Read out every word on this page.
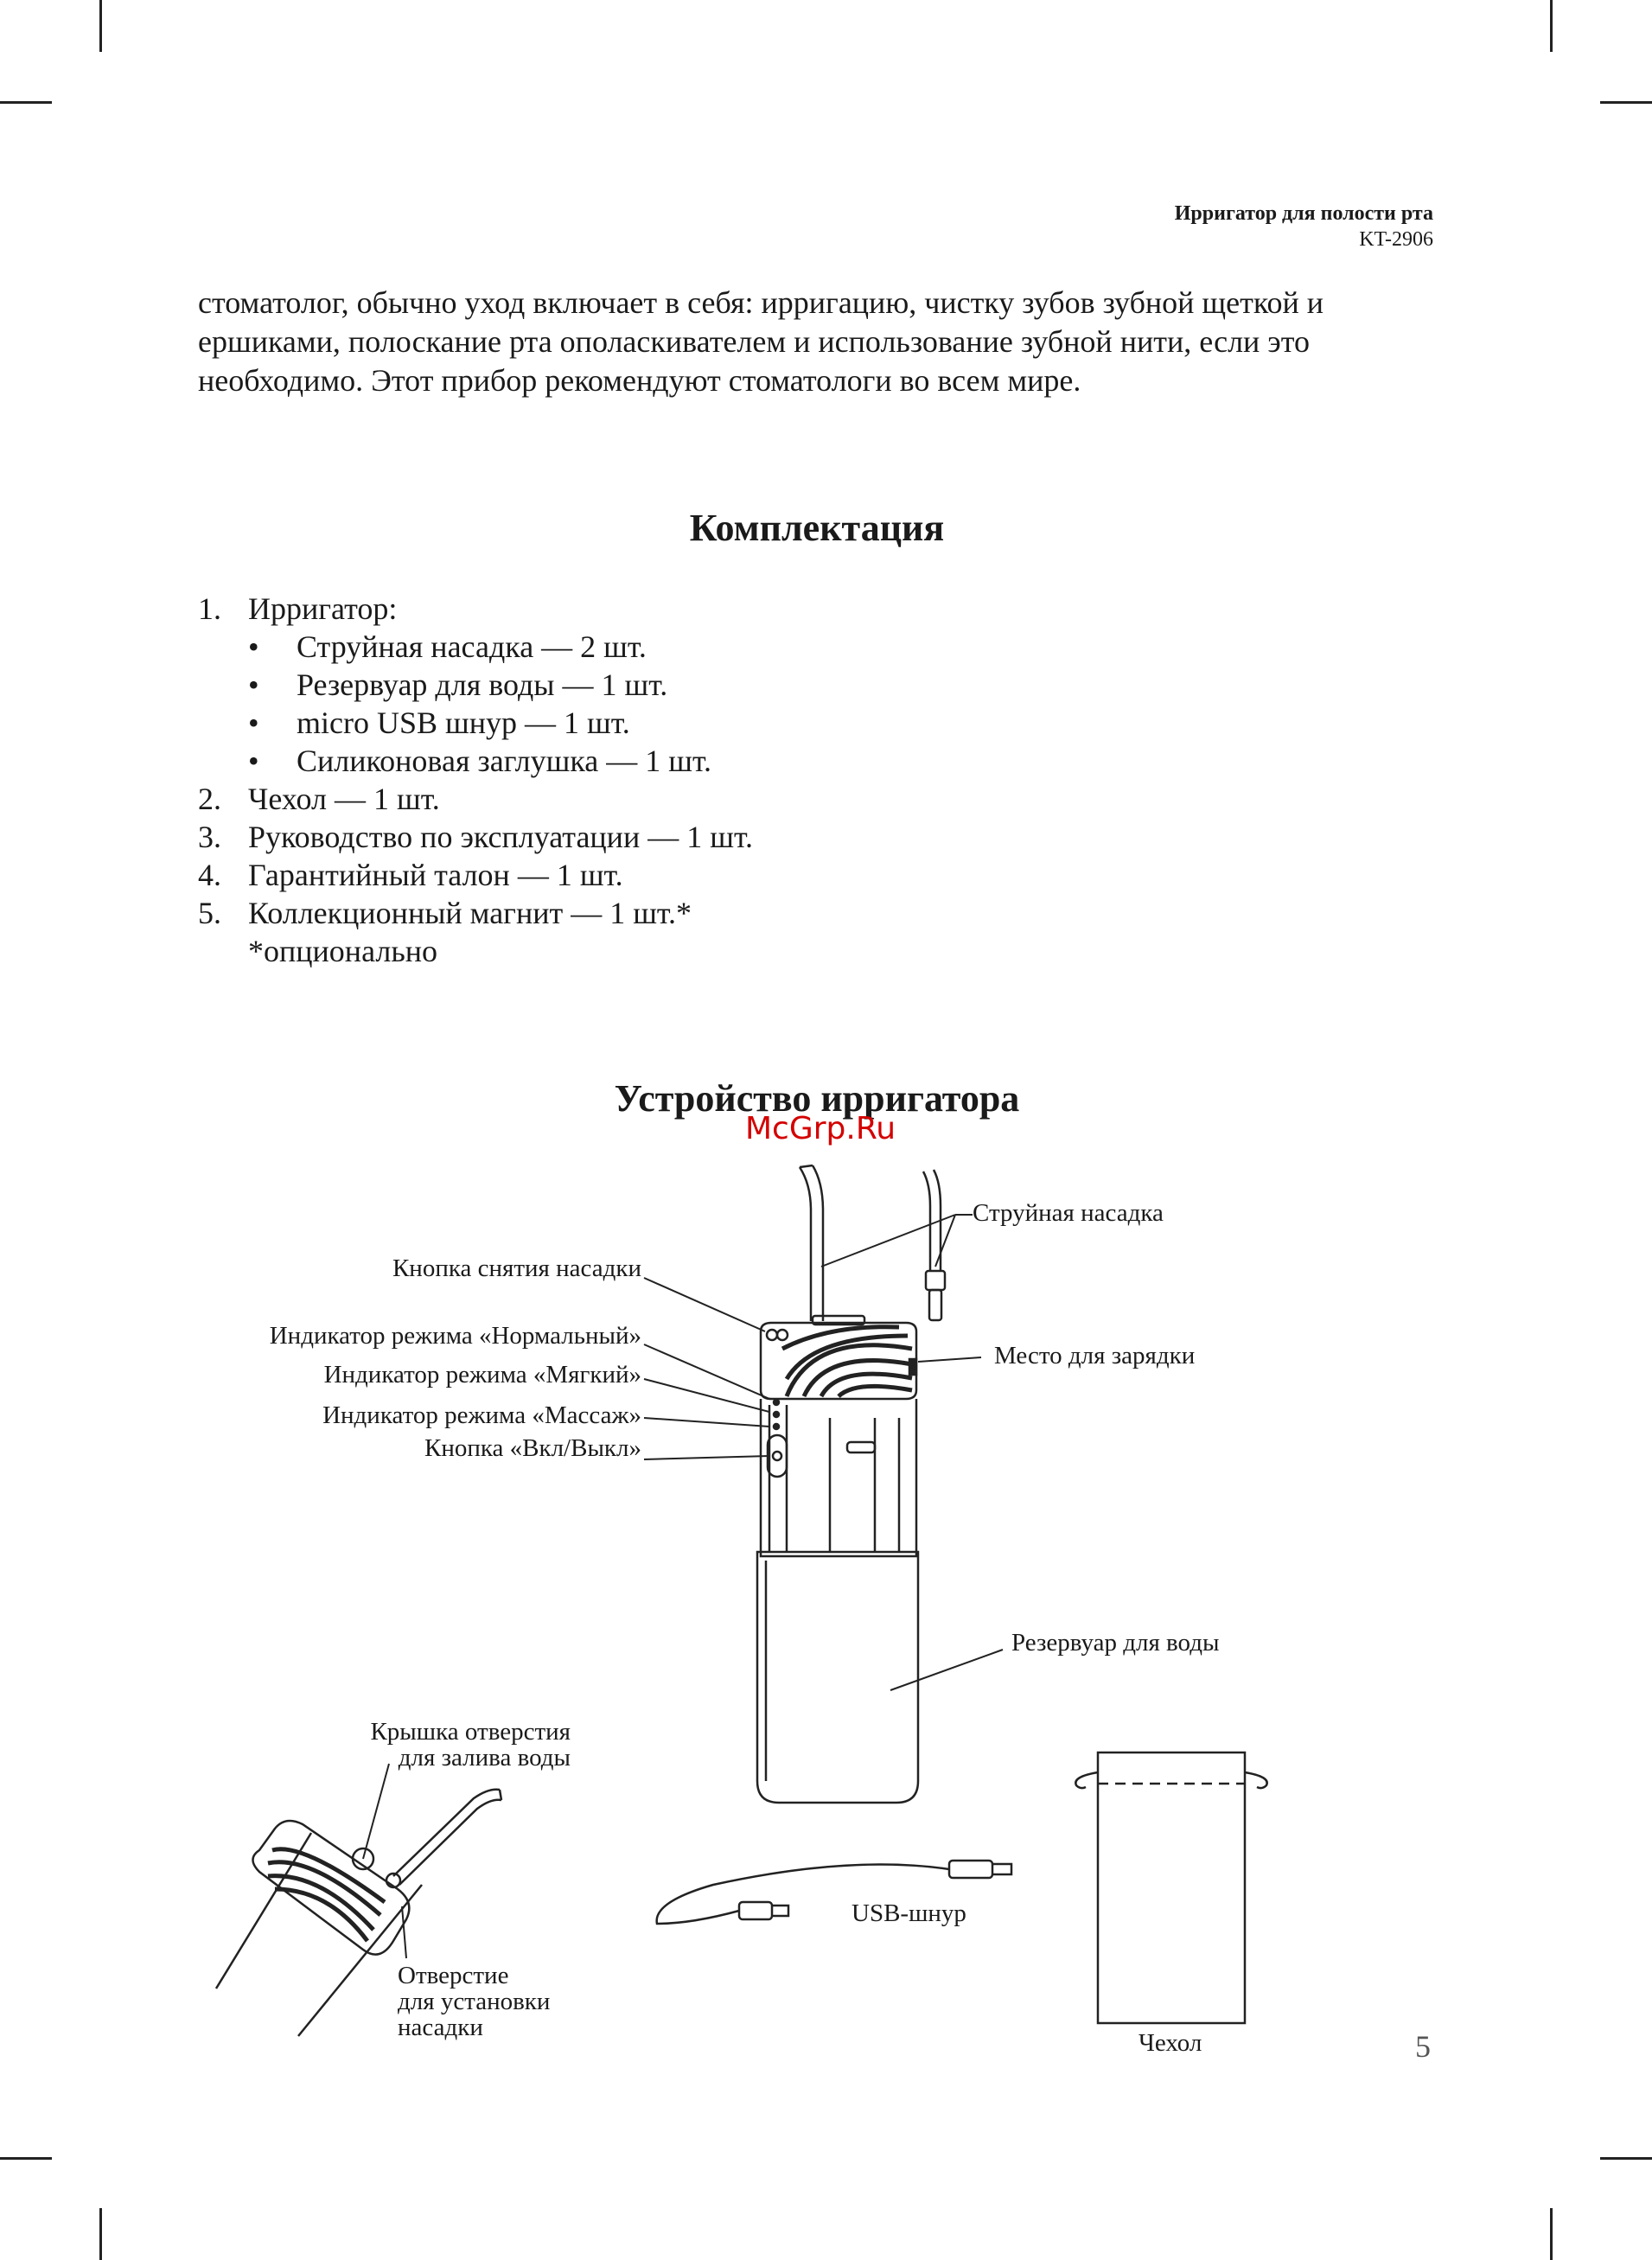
Ирригатор для полости рта
KT-2906
стоматолог, обычно уход включает в себя: ирригацию, чистку зубов зубной щеткой и
ершиками, полоскание рта ополаскивателем и использование зубной нити, если это
необходимо. Этот прибор рекомендуют стоматологи во всем мире.
Комплектация
1. Ирригатор:
• Струйная насадка — 2 шт.
• Резервуар для воды — 1 шт.
• micro USB шнур — 1 шт.
• Силиконовая заглушка — 1 шт.
2. Чехол — 1 шт.
3. Руководство по эксплуатации — 1 шт.
4. Гарантийный талон — 1 шт.
5. Коллекционный магнит — 1 шт.*
*опционально
Устройство ирригатора
McGrp.Ru
Струйная насадка
Кнопка снятия насадки
Индикатор режима «Нормальный»
Индикатор режима «Мягкий»
Индикатор режима «Массаж»
Кнопка «Вкл/Выкл»
Место для зарядки
Резервуар для воды
Крышка отверстия
для залива воды
Отверстие
для установки
насадки
USB-шнур
Чехол	5
